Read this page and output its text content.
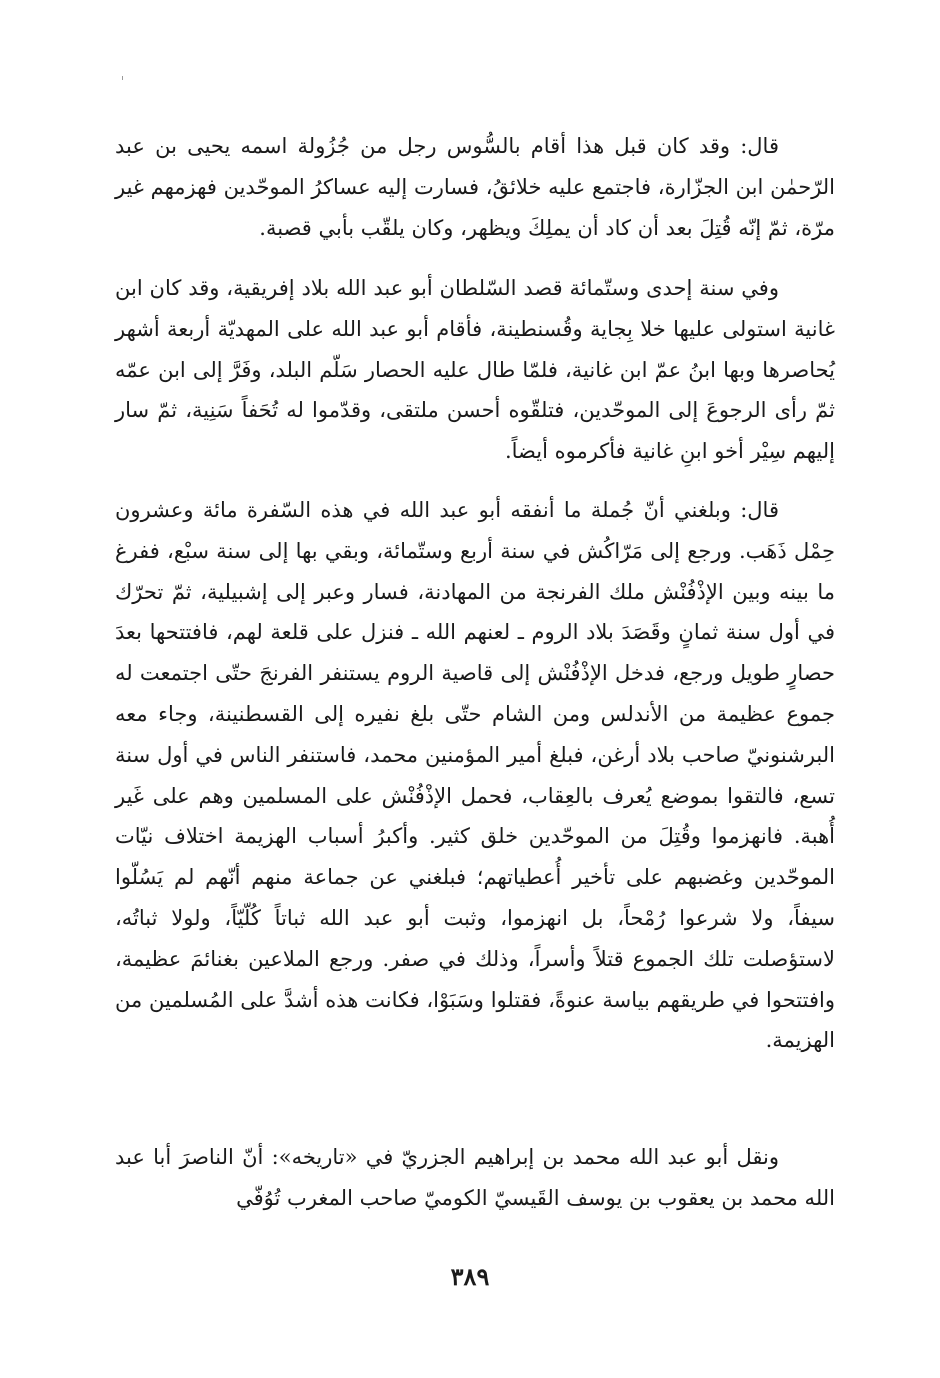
قال: وقد كان قبل هذا أقام بالسُّوس رجل من جُزُولة اسمه يحيى بن عبد الرّحمٰن ابن الجزّارة، فاجتمع عليه خلائقُ، فسارت إليه عساكرُ الموحّدين فهزمهم غير مرّة، ثمّ إنّه قُتِلَ بعد أن كاد أن يملِكَ ويظهر، وكان يلقّب بأبي قصبة.

وفي سنة إحدى وستّمائة قصد السّلطان أبو عبد الله بلاد إفريقية، وقد كان ابن غانية استولى عليها خلا بِجاية وقُسنطينة، فأقام أبو عبد الله على المهديّة أربعة أشهر يُحاصرها وبها ابنُ عمّ ابن غانية، فلمّا طال عليه الحصار سَلّم البلد، وفَرَّ إلى ابن عمّه ثمّ رأى الرجوعَ إلى الموحّدين، فتلقّوه أحسن ملتقى، وقدّموا له تُحَفاً سَنِية، ثمّ سار إليهم سِيْر أخو ابنِ غانية فأكرموه أيضاً.

قال: وبلغني أنّ جُملة ما أنفقه أبو عبد الله في هذه السّفرة مائة وعشرون حِمْل ذَهَب. ورجع إلى مَرّاكُش في سنة أربع وستّمائة، وبقي بها إلى سنة سبْع، ففرغ ما بينه وبين الإذْفُنْش ملك الفرنجة من المهادنة، فسار وعبر إلى إشبيلية، ثمّ تحرّك في أول سنة ثمانٍ وقَصَدَ بلاد الروم ـ لعنهم الله ـ فنزل على قلعة لهم، فافتتحها بعدَ حصارٍ طويل ورجع، فدخل الإذْفُنْش إلى قاصية الروم يستنفر الفرنجَ حتّى اجتمعت له جموع عظيمة من الأندلس ومن الشام حتّى بلغ نفيره إلى القسطنينة، وجاء معه البرشنونيّ صاحب بلاد أرغن، فبلغ أمير المؤمنين محمد، فاستنفر الناس في أول سنة تسع، فالتقوا بموضع يُعرف بالعِقاب، فحمل الإذْفُنْش على المسلمين وهم على غَير أُهبة. فانهزموا وقُتِلَ من الموحّدين خلق كثير. وأكبرُ أسباب الهزيمة اختلاف نيّات الموحّدين وغضبهم على تأخير أُعطياتهم؛ فبلغني عن جماعة منهم أنّهم لم يَسُلّوا سيفاً، ولا شرعوا رُمْحاً، بل انهزموا، وثبت أبو عبد الله ثباتاً كُلّيّاً، ولولا ثباتُه، لاستؤصلت تلك الجموع قتلاً وأسراً، وذلك في صفر. ورجع الملاعين بغنائمَ عظيمة، وافتتحوا في طريقهم بياسة عنوةً، فقتلوا وسَبَوْا، فكانت هذه أشدَّ على المُسلمين من الهزيمة.

ونقل أبو عبد الله محمد بن إبراهيم الجزريّ في «تاريخه»: أنّ الناصرَ أبا عبد الله محمد بن يعقوب بن يوسف القَيسيّ الكوميّ صاحب المغرب تُوُفّي

٣٨٩
